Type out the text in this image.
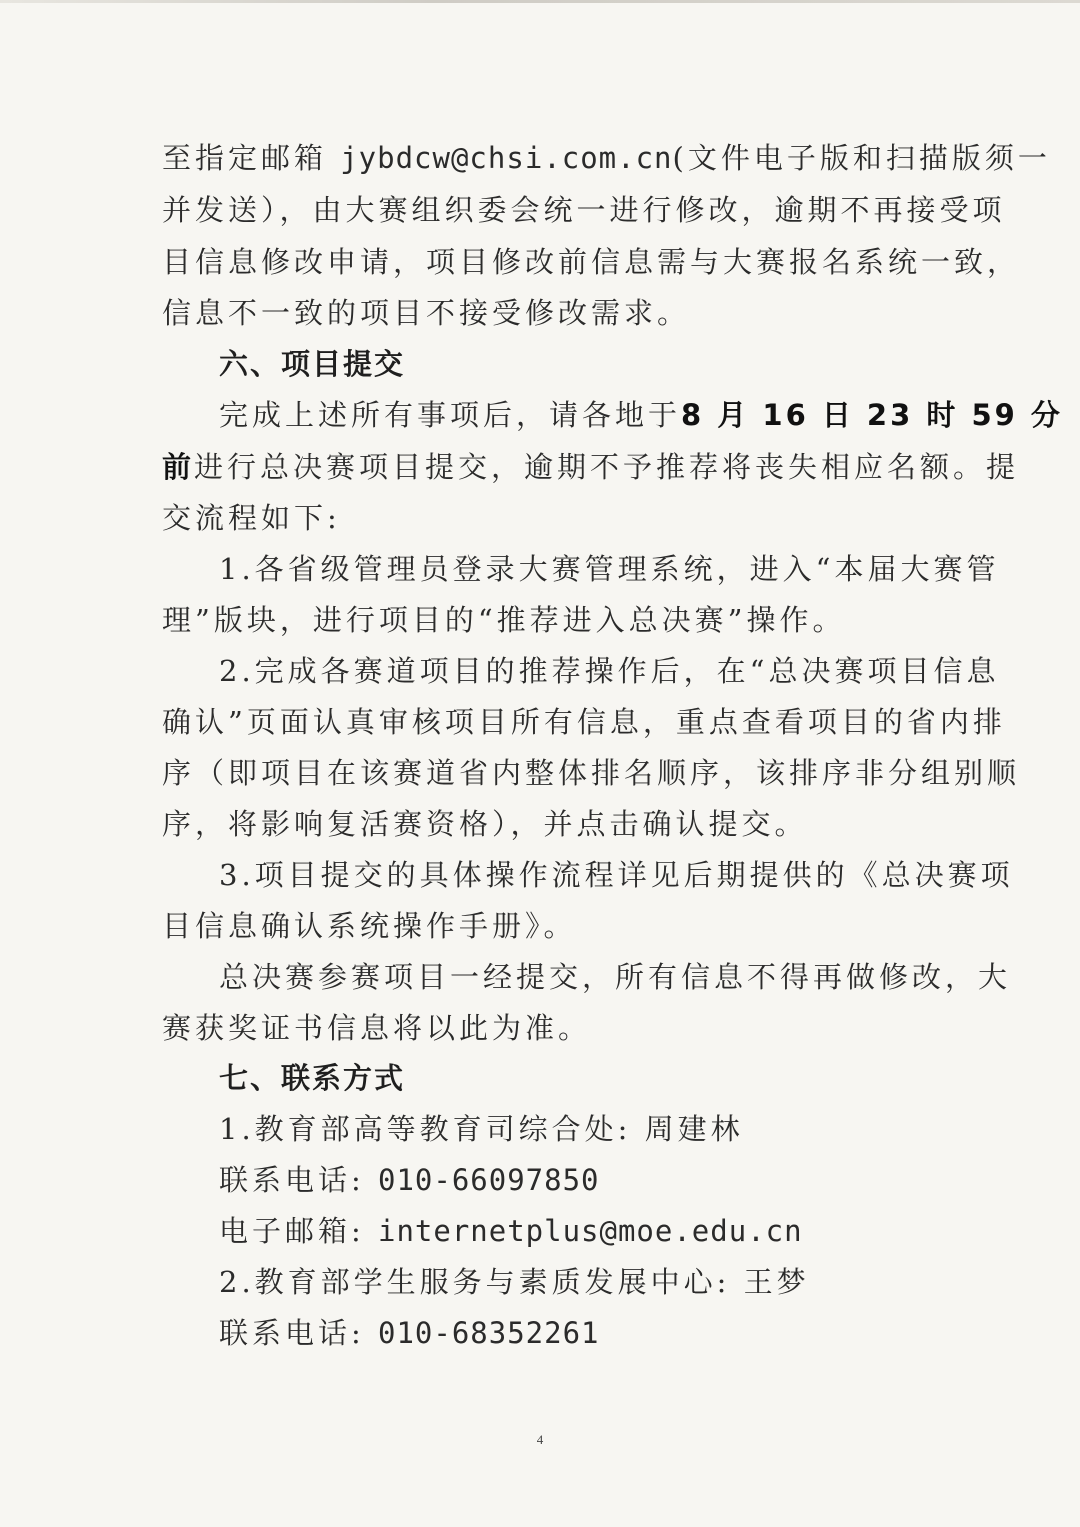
至指定邮箱 jybdcw@chsi.com.cn(文件电子版和扫描版须一
并发送），由大赛组织委会统一进行修改，逾期不再接受项
目信息修改申请，项目修改前信息需与大赛报名系统一致，
信息不一致的项目不接受修改需求。
六、项目提交
完成上述所有事项后，请各地于8 月 16 日 23 时 59 分
前进行总决赛项目提交，逾期不予推荐将丧失相应名额。提
交流程如下:
1.各省级管理员登录大赛管理系统，进入“本届大赛管
理”版块，进行项目的“推荐进入总决赛”操作。
2.完成各赛道项目的推荐操作后，在“总决赛项目信息
确认”页面认真审核项目所有信息，重点查看项目的省内排
序（即项目在该赛道省内整体排名顺序，该排序非分组别顺
序，将影响复活赛资格），并点击确认提交。
3.项目提交的具体操作流程详见后期提供的《总决赛项
目信息确认系统操作手册》。
总决赛参赛项目一经提交，所有信息不得再做修改，大
赛获奖证书信息将以此为准。
七、联系方式
1.教育部高等教育司综合处: 周建林
联系电话: 010-66097850
电子邮箱: internetplus@moe.edu.cn
2.教育部学生服务与素质发展中心: 王梦
联系电话: 010-68352261
4
